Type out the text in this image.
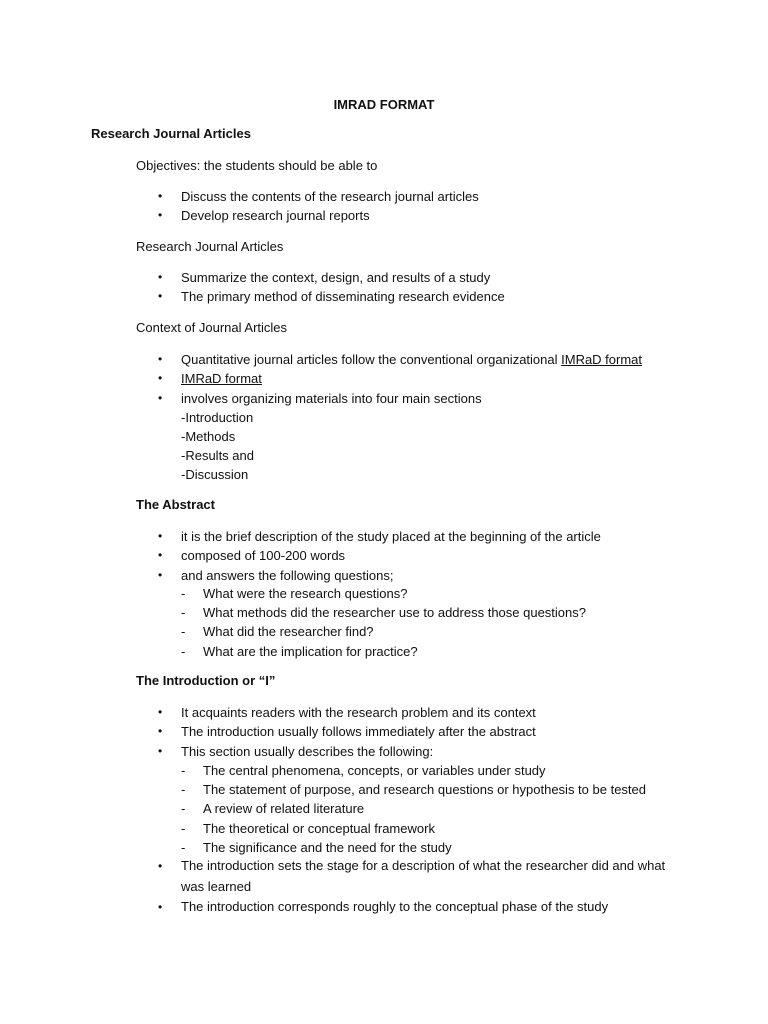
IMRAD FORMAT
Research Journal Articles
Objectives: the students should be able to
• Discuss the contents of the research journal articles
• Develop research journal reports
Research Journal Articles
• Summarize the context, design, and results of a study
• The primary method of disseminating research evidence
Context of Journal Articles
• Quantitative journal articles follow the conventional organizational IMRaD format
• IMRaD format
• involves organizing materials into four main sections
-Introduction
-Methods
-Results and
-Discussion
The Abstract
• it is the brief description of the study placed at the beginning of the article
• composed of 100-200 words
• and answers the following questions;
- What were the research questions?
- What methods did the researcher use to address those questions?
- What did the researcher find?
- What are the implication for practice?
The Introduction or “I”
• It acquaints readers with the research problem and its context
• The introduction usually follows immediately after the abstract
• This section usually describes the following:
- The central phenomena, concepts, or variables under study
- The statement of purpose, and research questions or hypothesis to be tested
- A review of related literature
- The theoretical or conceptual framework
- The significance and the need for the study
• The introduction sets the stage for a description of what the researcher did and what was learned
• The introduction corresponds roughly to the conceptual phase of the study
